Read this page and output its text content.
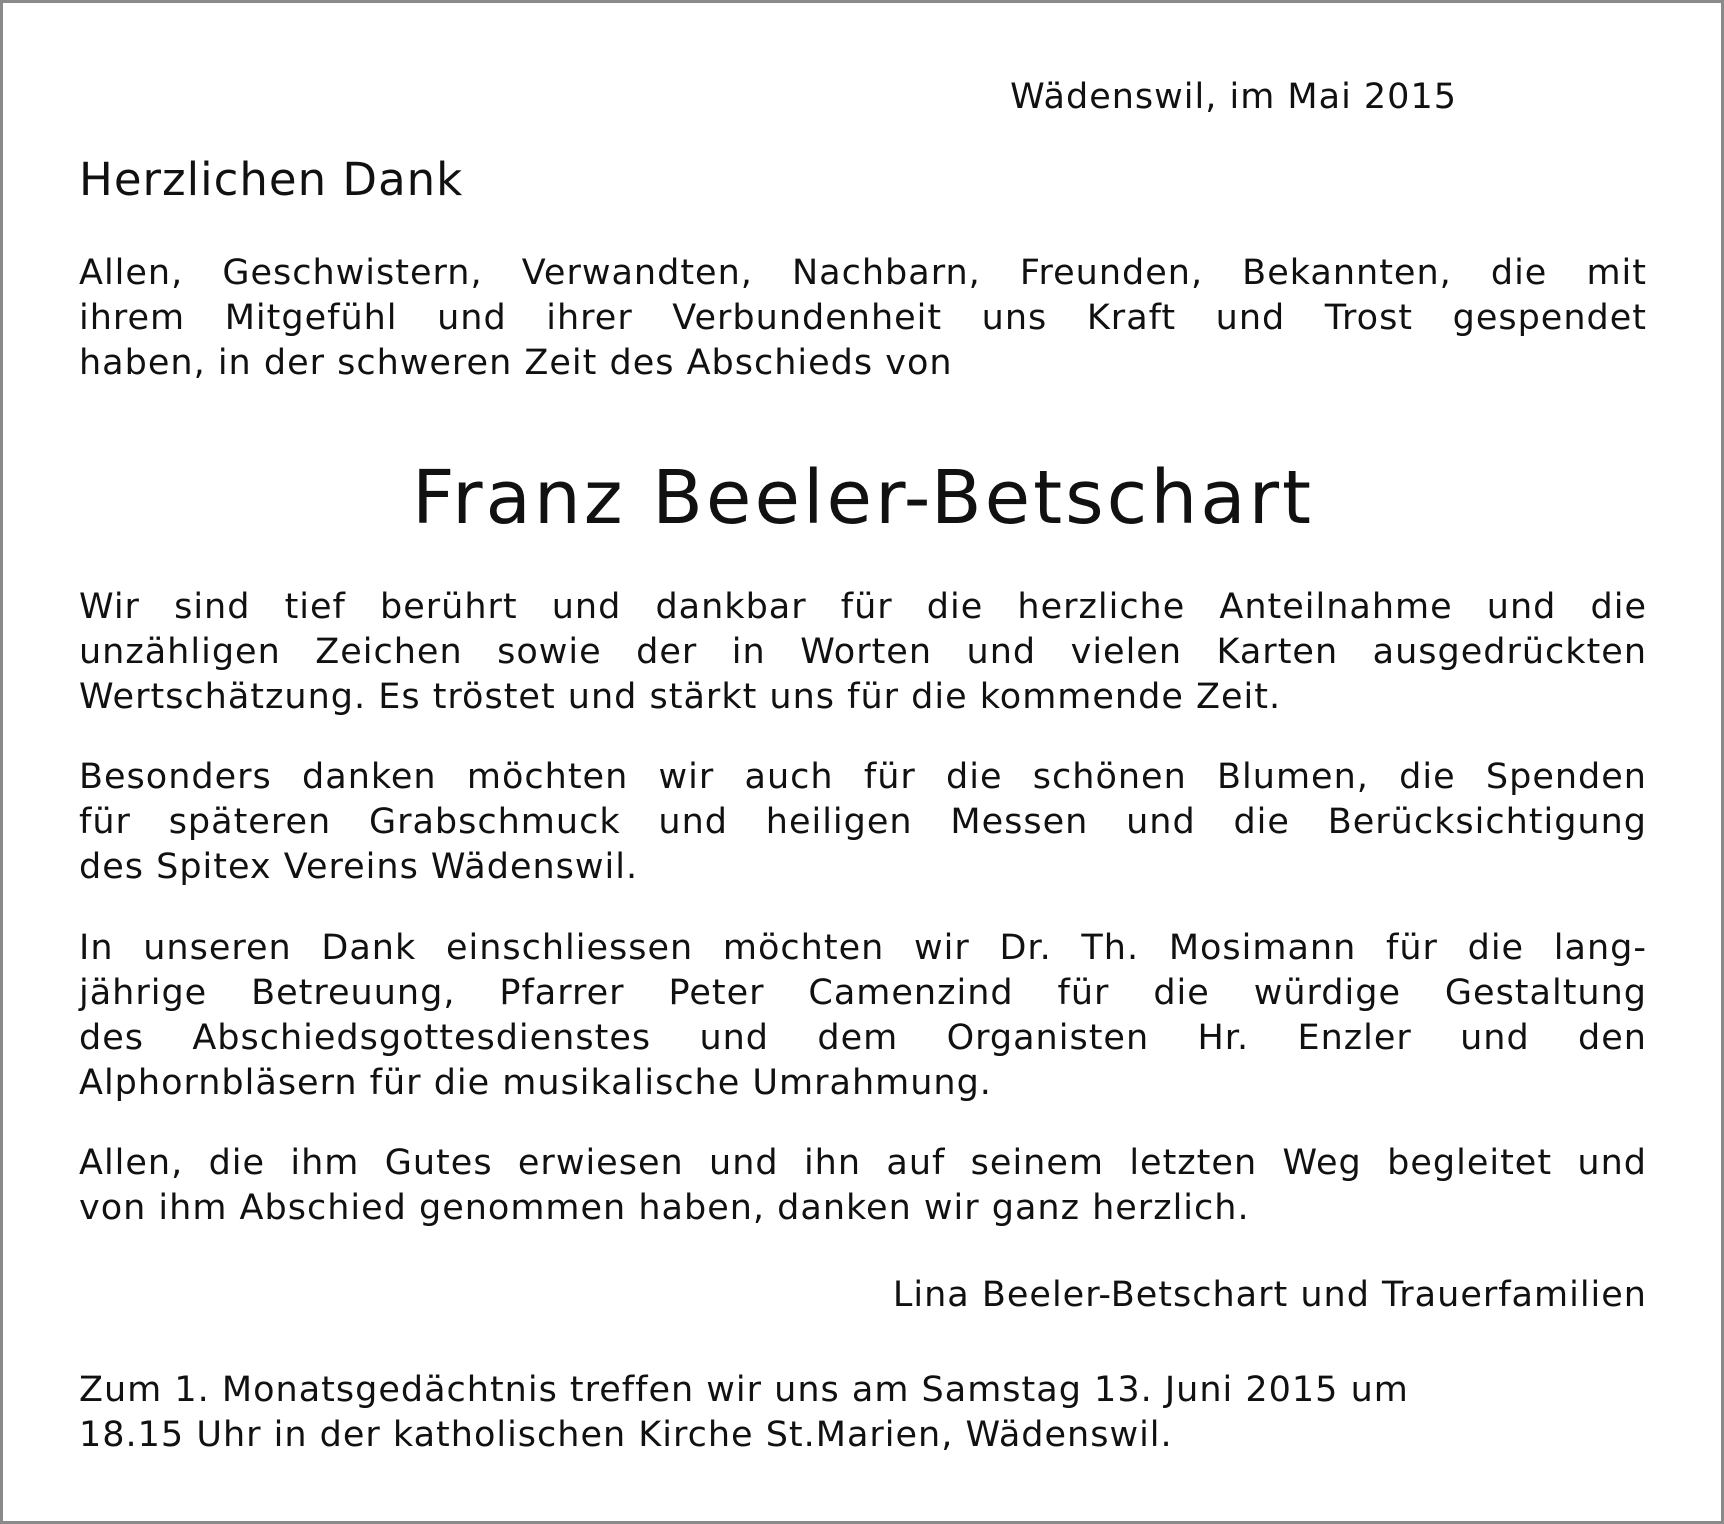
Wädenswil, im Mai 2015
Herzlichen Dank
Allen, Geschwistern, Verwandten, Nachbarn, Freunden, Bekannten, die mit
ihrem Mitgefühl und ihrer Verbundenheit uns Kraft und Trost gespendet
haben, in der schweren Zeit des Abschieds von
Franz Beeler-Betschart
Wir sind tief berührt und dankbar für die herzliche Anteilnahme und die
unzähligen Zeichen sowie der in Worten und vielen Karten ausgedrückten
Wertschätzung. Es tröstet und stärkt uns für die kommende Zeit.
Besonders danken möchten wir auch für die schönen Blumen, die Spenden
für späteren Grabschmuck und heiligen Messen und die Berücksichtigung
des Spitex Vereins Wädenswil.
In unseren Dank einschliessen möchten wir Dr. Th. Mosimann für die lang-
jährige Betreuung, Pfarrer Peter Camenzind für die würdige Gestaltung
des Abschiedsgottesdienstes und dem Organisten Hr. Enzler und den
Alphornbläsern für die musikalische Umrahmung.
Allen, die ihm Gutes erwiesen und ihn auf seinem letzten Weg begleitet und
von ihm Abschied genommen haben, danken wir ganz herzlich.
Lina Beeler-Betschart und Trauerfamilien
Zum 1. Monatsgedächtnis treffen wir uns am Samstag 13. Juni 2015 um
18.15 Uhr in der katholischen Kirche St.Marien, Wädenswil.
